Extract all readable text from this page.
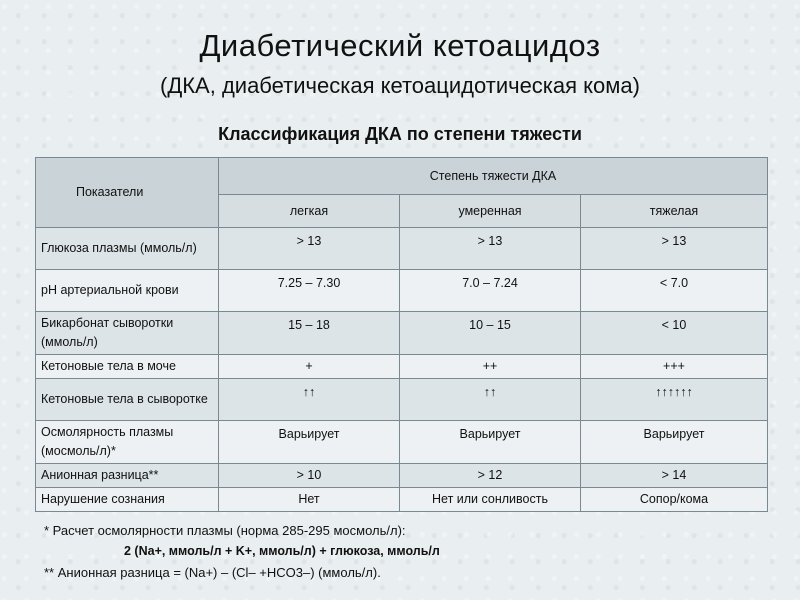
Диабетический кетоацидоз
(ДКА, диабетическая кетоацидотическая кома)
Классификация ДКА по степени тяжести
Показатели	Степень тяжести ДКА		
	легкая	умеренная	тяжелая
Глюкоза плазмы (ммоль/л)	> 13	> 13	> 13
pH артериальной крови	7.25 – 7.30	7.0 – 7.24	< 7.0
Бикарбонат сыворотки (ммоль/л)	15 – 18	10 – 15	< 10
Кетоновые тела в моче	+	++	+++
Кетоновые тела в сыворотке	↑↑	↑↑	↑↑↑↑↑↑
Осмолярность плазмы (мосмоль/л)*	Варьирует	Варьирует	Варьирует
Анионная разница**	> 10	> 12	> 14
Нарушение сознания	Нет	Нет или сонливость	Сопор/кома
* Расчет осмолярности плазмы (норма 285-295 мосмоль/л):
2 (Na+, ммоль/л + K+, ммоль/л) + глюкоза, ммоль/л
** Анионная разница = (Na+) – (Cl– +HCO3–) (ммоль/л).
